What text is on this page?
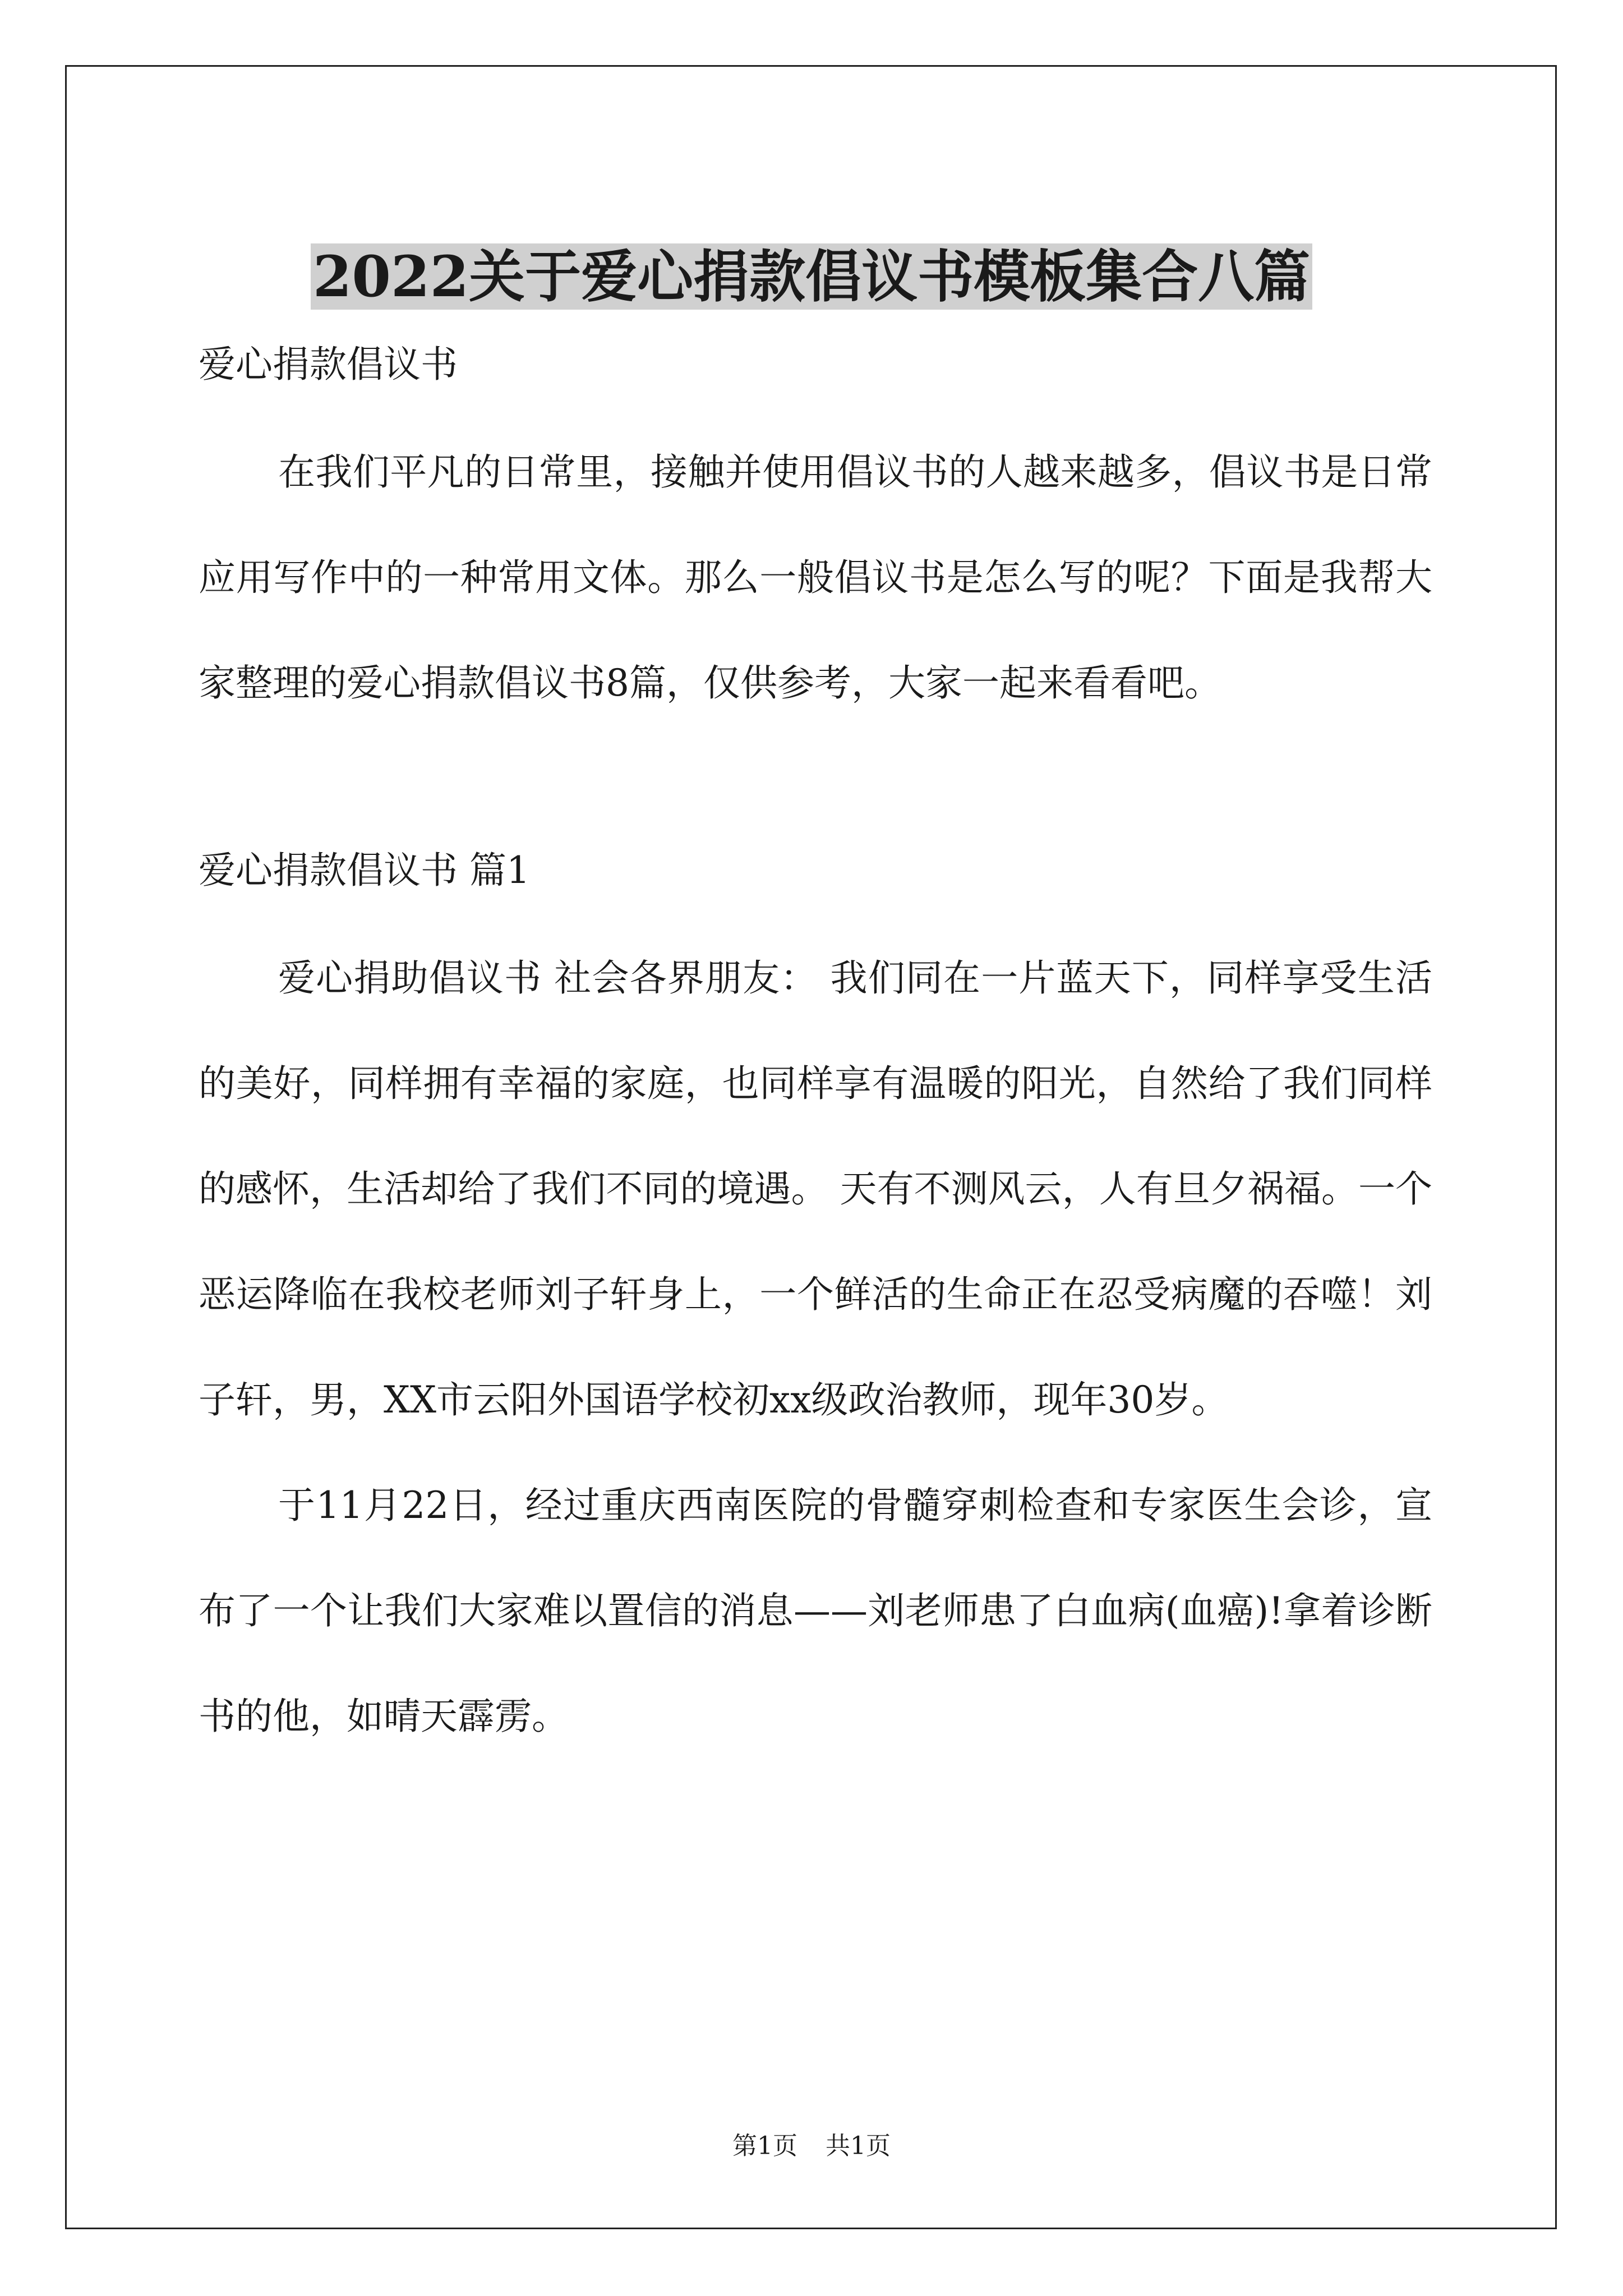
2022关于爱心捐款倡议书模板集合八篇

爱心捐款倡议书

在我们平凡的日常里，接触并使用倡议书的人越来越多，倡议书是日常应用写作中的一种常用文体。那么一般倡议书是怎么写的呢？下面是我帮大家整理的爱心捐款倡议书8篇，仅供参考，大家一起来看看吧。

爱心捐款倡议书 篇1

爱心捐助倡议书 社会各界朋友： 我们同在一片蓝天下，同样享受生活的美好，同样拥有幸福的家庭，也同样享有温暖的阳光，自然给了我们同样的感怀，生活却给了我们不同的境遇。 天有不测风云，人有旦夕祸福。一个恶运降临在我校老师刘子轩身上，一个鲜活的生命正在忍受病魔的吞噬！刘子轩，男，XX市云阳外国语学校初xx级政治教师，现年30岁。

于11月22日，经过重庆西南医院的骨髓穿刺检查和专家医生会诊，宣布了一个让我们大家难以置信的消息——刘老师患了白血病(血癌)!拿着诊断书的他，如晴天霹雳。

第1页 共1页
